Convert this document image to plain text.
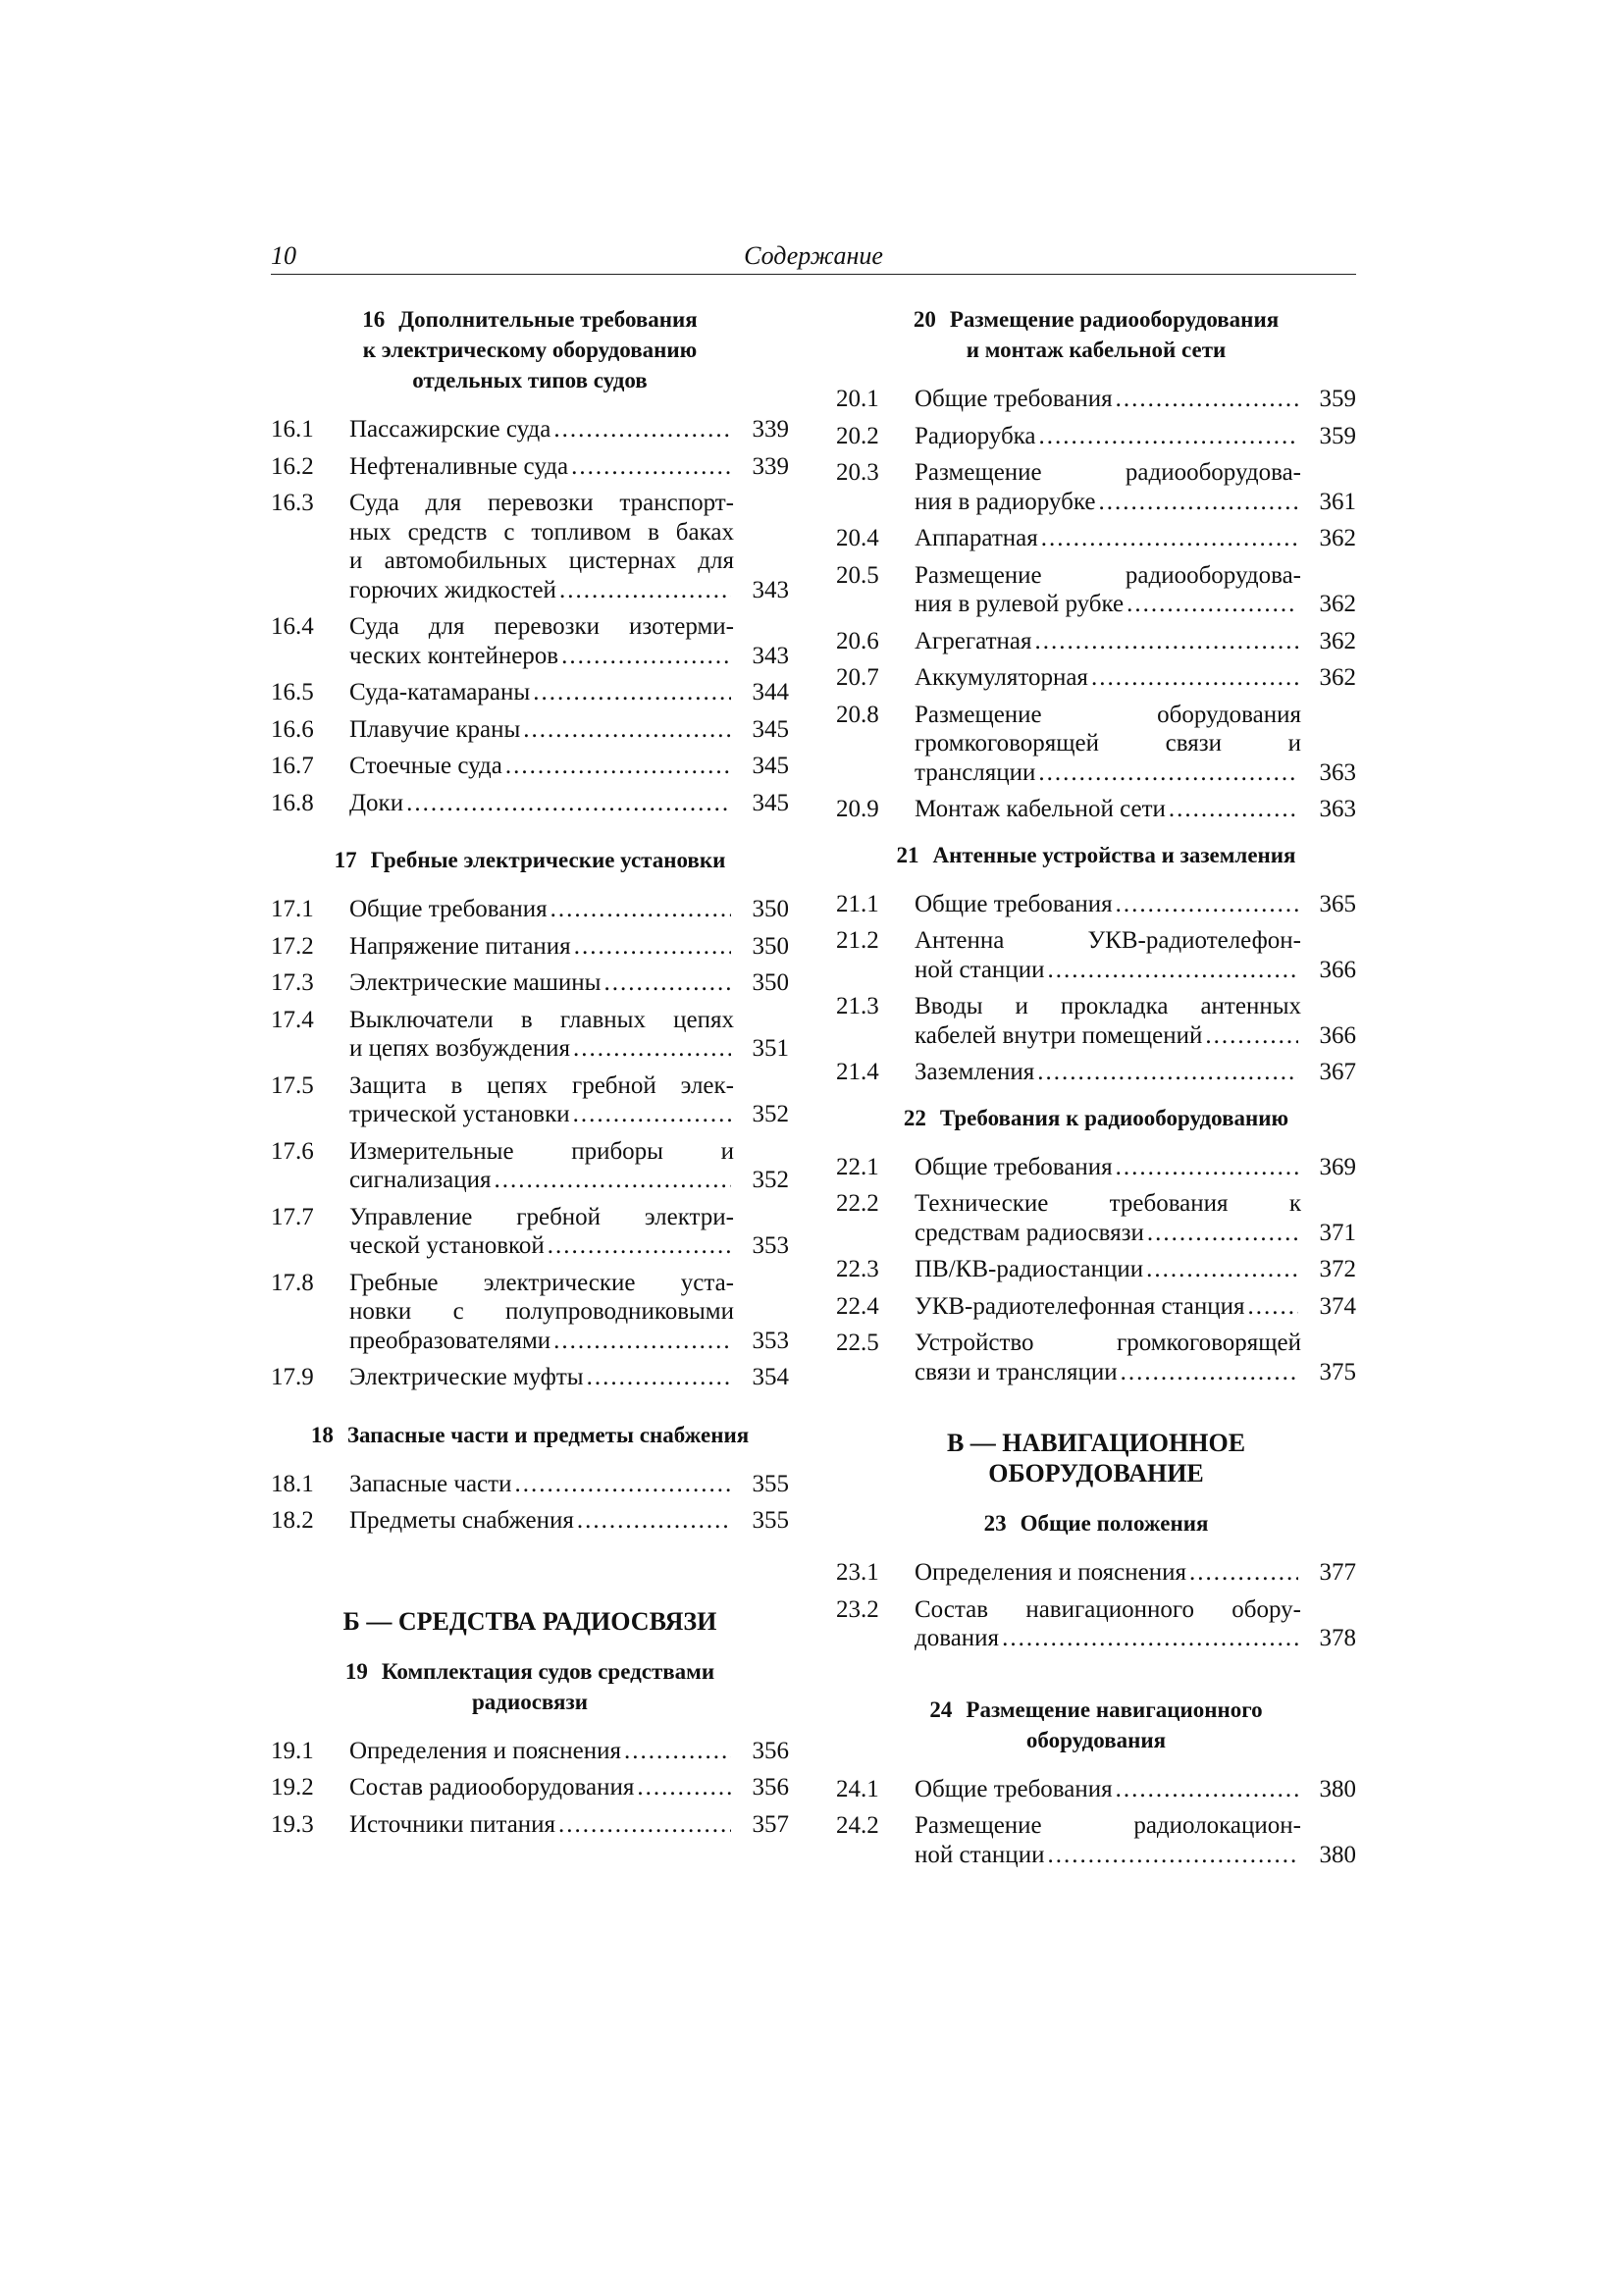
10	Содержание
16 Дополнительные требования
к электрическому оборудованию
отдельных типов судов
16.1 Пассажирские суда .....	339
16.2 Нефтеналивные суда .....	339
16.3 Суда для перевозки транспорт-
ных средств с топливом в баках
и автомобильных цистернах для
горючих жидкостей .....	343
16.4 Суда для перевозки изотерми-
ческих контейнеров .....	343
16.5 Суда-катамараны .....	344
16.6 Плавучие краны .....	345
16.7 Стоечные суда .....	345
16.8 Доки .....	345
17 Гребные электрические установки
17.1 Общие требования .....	350
17.2 Напряжение питания .....	350
17.3 Электрические машины .....	350
17.4 Выключатели в главных цепях
и цепях возбуждения .....	351
17.5 Защита в цепях гребной элек-
трической установки .....	352
17.6 Измерительные приборы и
сигнализация .....	352
17.7 Управление гребной электри-
ческой установкой .....	353
17.8 Гребные электрические уста-
новки с полупроводниковыми
преобразователями .....	353
17.9 Электрические муфты .....	354
18 Запасные части и предметы снабжения
18.1 Запасные части .....	355
18.2 Предметы снабжения .....	355
Б — СРЕДСТВА РАДИОСВЯЗИ
19 Комплектация судов средствами
радиосвязи
19.1 Определения и пояснения .....	356
19.2 Состав радиооборудования .....	356
19.3 Источники питания .....	357
20 Размещение радиооборудования
и монтаж кабельной сети
20.1 Общие требования .....	359
20.2 Радиорубка .....	359
20.3 Размещение радиооборудова-
ния в радиорубке .....	361
20.4 Аппаратная .....	362
20.5 Размещение радиооборудова-
ния в рулевой рубке .....	362
20.6 Агрегатная .....	362
20.7 Аккумуляторная .....	362
20.8 Размещение оборудования
громкоговорящей связи и
трансляции .....	363
20.9 Монтаж кабельной сети .....	363
21 Антенные устройства и заземления
21.1 Общие требования .....	365
21.2 Антенна УКВ-радиотелефон-
ной станции .....	366
21.3 Вводы и прокладка антенных
кабелей внутри помещений .....	366
21.4 Заземления .....	367
22 Требования к радиооборудованию
22.1 Общие требования .....	369
22.2 Технические требования к
средствам радиосвязи .....	371
22.3 ПВ/КВ-радиостанции .....	372
22.4 УКВ-радиотелефонная станция .....	374
22.5 Устройство громкоговорящей
связи и трансляции .....	375
В — НАВИГАЦИОННОЕ
ОБОРУДОВАНИЕ
23 Общие положения
23.1 Определения и пояснения .....	377
23.2 Состав навигационного обору-
дования .....	378
24 Размещение навигационного
оборудования
24.1 Общие требования .....	380
24.2 Размещение радиолокацион-
ной станции .....	380
